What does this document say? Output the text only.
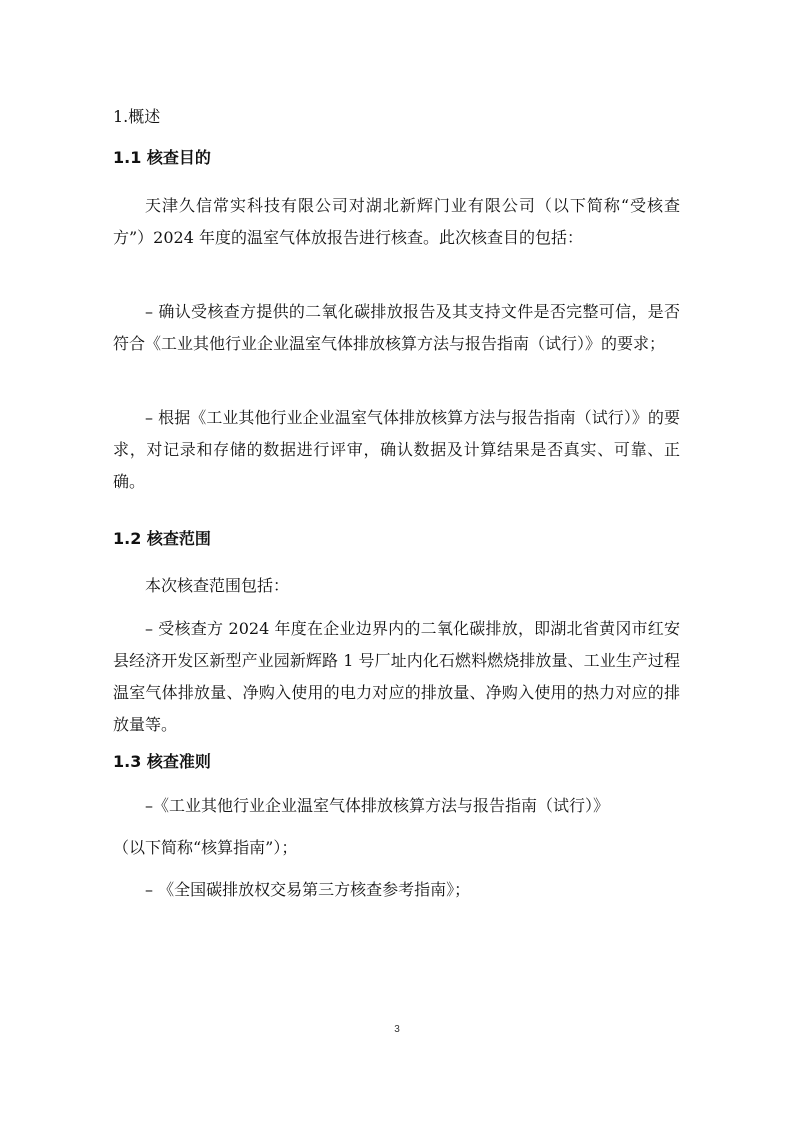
1.概述

1.1 核查目的

天津久信常实科技有限公司对湖北新辉门业有限公司（以下简称“受核查方”）2024 年度的温室气体放报告进行核查。此次核查目的包括：

– 确认受核查方提供的二氧化碳排放报告及其支持文件是否完整可信，是否符合《工业其他行业企业温室气体排放核算方法与报告指南（试行）》的要求；

– 根据《工业其他行业企业温室气体排放核算方法与报告指南（试行）》的要求，对记录和存储的数据进行评审，确认数据及计算结果是否真实、可靠、正确。

1.2 核查范围

本次核查范围包括：

– 受核查方 2024 年度在企业边界内的二氧化碳排放，即湖北省黄冈市红安县经济开发区新型产业园新辉路 1 号厂址内化石燃料燃烧排放量、工业生产过程温室气体排放量、净购入使用的电力对应的排放量、净购入使用的热力对应的排放量等。

1.3 核查准则

–《工业其他行业企业温室气体排放核算方法与报告指南（试行）》

（以下简称“核算指南”）；

– 《全国碳排放权交易第三方核查参考指南》；

3
